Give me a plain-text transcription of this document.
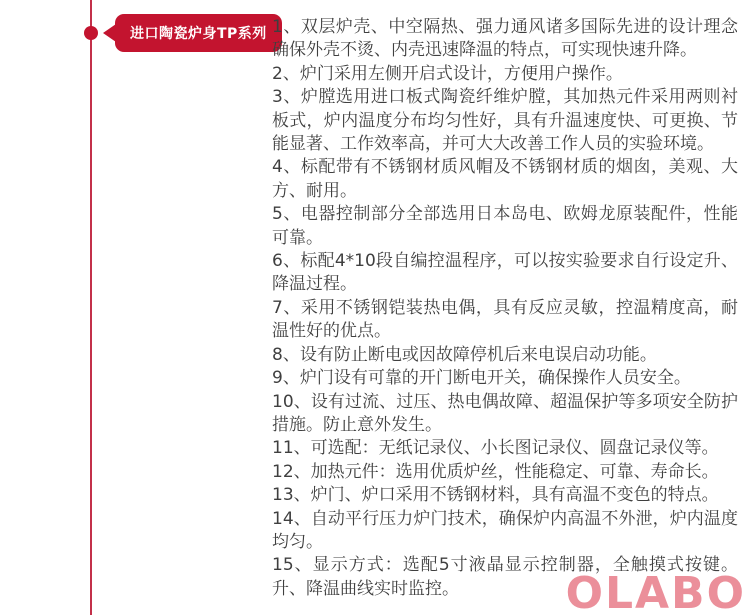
进口陶瓷炉身TP系列 1、双层炉壳、中空隔热、强力通风诸多国际先进的设计理念确保外壳不烫、内壳迅速降温的特点，可实现快速升降。

2、炉门采用左侧开启式设计，方便用户操作。

3、炉膛选用进口板式陶瓷纤维炉膛，其加热元件采用两则衬板式，炉内温度分布均匀性好，具有升温速度快、可更换、节能显著、工作效率高，并可大大改善工作人员的实验环境。

4、标配带有不锈钢材质风帽及不锈钢材质的烟囱，美观、大方、耐用。

5、电器控制部分全部选用日本岛电、欧姆龙原装配件，性能可靠。

6、标配4*10段自编控温程序，可以按实验要求自行设定升、降温过程。

7、采用不锈钢铠装热电偶，具有反应灵敏，控温精度高，耐温性好的优点。

8、设有防止断电或因故障停机后来电误启动功能。

9、炉门设有可靠的开门断电开关，确保操作人员安全。

10、设有过流、过压、热电偶故障、超温保护等多项安全防护措施。防止意外发生。

11、可选配：无纸记录仪、小长图记录仪、圆盘记录仪等。

12、加热元件：选用优质炉丝，性能稳定、可靠、寿命长。

13、炉门、炉口采用不锈钢材料，具有高温不变色的特点。

14、自动平行压力炉门技术，确保炉内高温不外泄，炉内温度均匀。

15、显示方式：选配5寸液晶显示控制器，全触摸式按键。升、降温曲线实时监控。	OLABO
